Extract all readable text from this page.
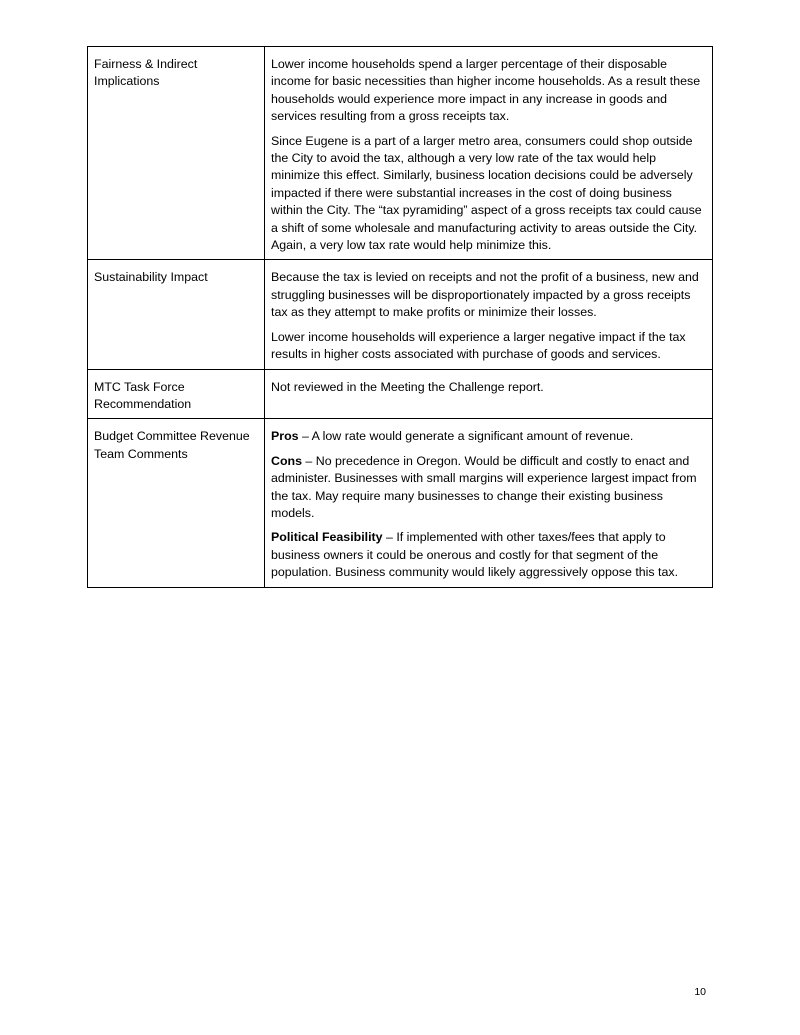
Fairness & Indirect Implications	Lower income households spend a larger percentage of their disposable income for basic necessities than higher income households. As a result these households would experience more impact in any increase in goods and services resulting from a gross receipts tax.

Since Eugene is a part of a larger metro area, consumers could shop outside the City to avoid the tax, although a very low rate of the tax would help minimize this effect. Similarly, business location decisions could be adversely impacted if there were substantial increases in the cost of doing business within the City. The “tax pyramiding” aspect of a gross receipts tax could cause a shift of some wholesale and manufacturing activity to areas outside the City. Again, a very low tax rate would help minimize this.

Sustainability Impact	Because the tax is levied on receipts and not the profit of a business, new and struggling businesses will be disproportionately impacted by a gross receipts tax as they attempt to make profits or minimize their losses.

Lower income households will experience a larger negative impact if the tax results in higher costs associated with purchase of goods and services.

MTC Task Force Recommendation	Not reviewed in the Meeting the Challenge report.

Budget Committee Revenue Team Comments	Pros – A low rate would generate a significant amount of revenue.

Cons – No precedence in Oregon. Would be difficult and costly to enact and administer. Businesses with small margins will experience largest impact from the tax. May require many businesses to change their existing business models.

Political Feasibility – If implemented with other taxes/fees that apply to business owners it could be onerous and costly for that segment of the population. Business community would likely aggressively oppose this tax.

10
